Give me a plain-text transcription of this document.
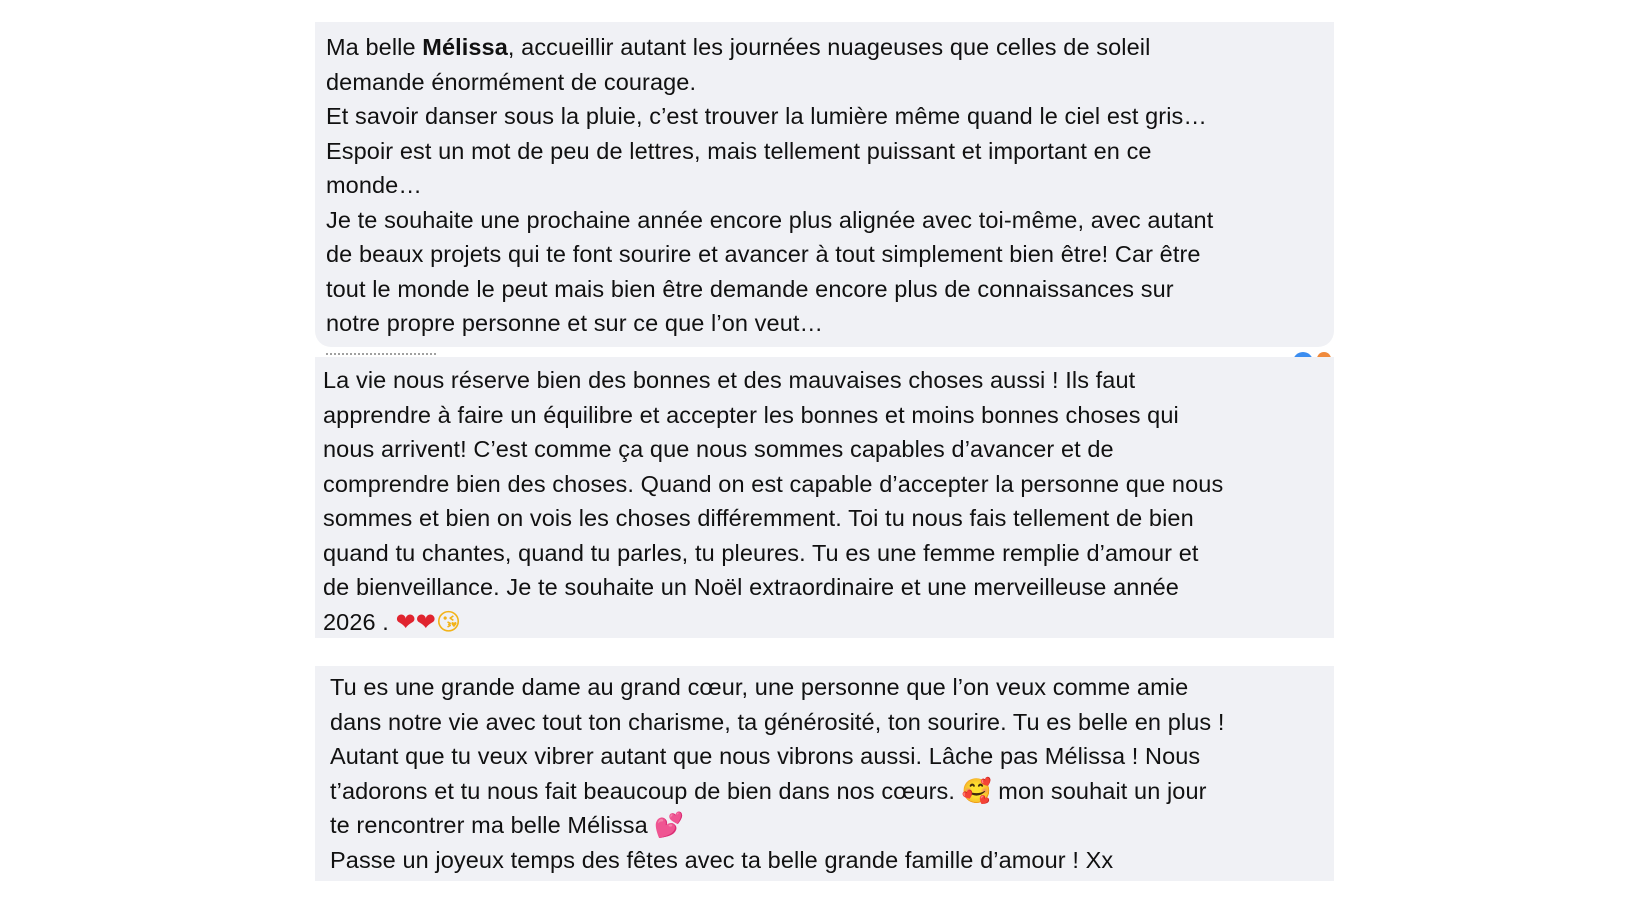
Ma belle Mélissa, accueillir autant les journées nuageuses que celles de soleil
demande énormément de courage.
Et savoir danser sous la pluie, c’est trouver la lumière même quand le ciel est gris…
Espoir est un mot de peu de lettres, mais tellement puissant et important en ce
monde…
Je te souhaite une prochaine année encore plus alignée avec toi-même, avec autant
de beaux projets qui te font sourire et avancer à tout simplement bien être! Car être
tout le monde le peut mais bien être demande encore plus de connaissances sur
notre propre personne et sur ce que l’on veut…
La vie nous réserve bien des bonnes et des mauvaises choses aussi ! Ils faut
apprendre à faire un équilibre et accepter les bonnes et moins bonnes choses qui
nous arrivent! C’est comme ça que nous sommes capables d’avancer et de
comprendre bien des choses. Quand on est capable d’accepter la personne que nous
sommes et bien on vois les choses différemment. Toi tu nous fais tellement de bien
quand tu chantes, quand tu parles, tu pleures. Tu es une femme remplie d’amour et
de bienveillance. Je te souhaite un Noël extraordinaire et une merveilleuse année
2026 . ❤❤😘
Tu es une grande dame au grand cœur, une personne que l’on veux comme amie
dans notre vie avec tout ton charisme, ta générosité, ton sourire. Tu es belle en plus !
Autant que tu veux vibrer autant que nous vibrons aussi. Lâche pas Mélissa ! Nous
t’adorons et tu nous fait beaucoup de bien dans nos cœurs. 🥰 mon souhait un jour
te rencontrer ma belle Mélissa 💕
Passe un joyeux temps des fêtes avec ta belle grande famille d’amour ! Xx
